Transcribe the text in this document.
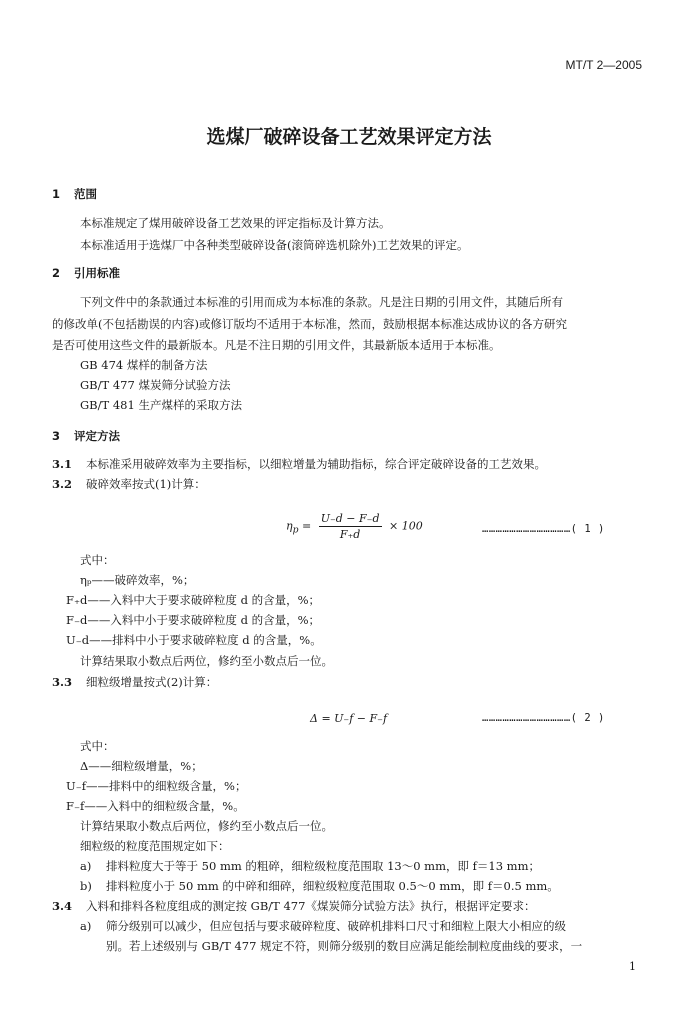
MT/T 2—2005
选煤厂破碎设备工艺效果评定方法
1 范围
本标准规定了煤用破碎设备工艺效果的评定指标及计算方法。
本标准适用于选煤厂中各种类型破碎设备(滚筒碎选机除外)工艺效果的评定。
2 引用标准
下列文件中的条款通过本标准的引用而成为本标准的条款。凡是注日期的引用文件，其随后所有
的修改单(不包括勘误的内容)或修订版均不适用于本标准，然而，鼓励根据本标准达成协议的各方研究
是否可使用这些文件的最新版本。凡是不注日期的引用文件，其最新版本适用于本标准。
GB 474 煤样的制备方法
GB/T 477 煤炭筛分试验方法
GB/T 481 生产煤样的采取方法
3 评定方法
3.1 本标准采用破碎效率为主要指标，以细粒增量为辅助指标，综合评定破碎设备的工艺效果。
3.2 破碎效率按式(1)计算：
$\eta_p = \frac{U_-d - F_-d}{F_+d} \times 100$	…………………………………( 1 )
式中：
ηₚ——破碎效率，%；
F₊d——入料中大于要求破碎粒度 d 的含量，%；
F₋d——入料中小于要求破碎粒度 d 的含量，%；
U₋d——排料中小于要求破碎粒度 d 的含量，%。
计算结果取小数点后两位，修约至小数点后一位。
3.3 细粒级增量按式(2)计算：
Δ = U₋f − F₋f	…………………………………( 2 )
式中：
Δ——细粒级增量，%；
U₋f——排料中的细粒级含量，%；
F₋f——入料中的细粒级含量，%。
计算结果取小数点后两位，修约至小数点后一位。
细粒级的粒度范围规定如下：
a) 排料粒度大于等于 50 mm 的粗碎，细粒级粒度范围取 13～0 mm，即 f＝13 mm；
b) 排料粒度小于 50 mm 的中碎和细碎，细粒级粒度范围取 0.5～0 mm，即 f＝0.5 mm。
3.4 入料和排料各粒度组成的测定按 GB/T 477《煤炭筛分试验方法》执行，根据评定要求：
a) 筛分级别可以减少，但应包括与要求破碎粒度、破碎机排料口尺寸和细粒上限大小相应的级
别。若上述级别与 GB/T 477 规定不符，则筛分级别的数目应满足能绘制粒度曲线的要求，一
1
